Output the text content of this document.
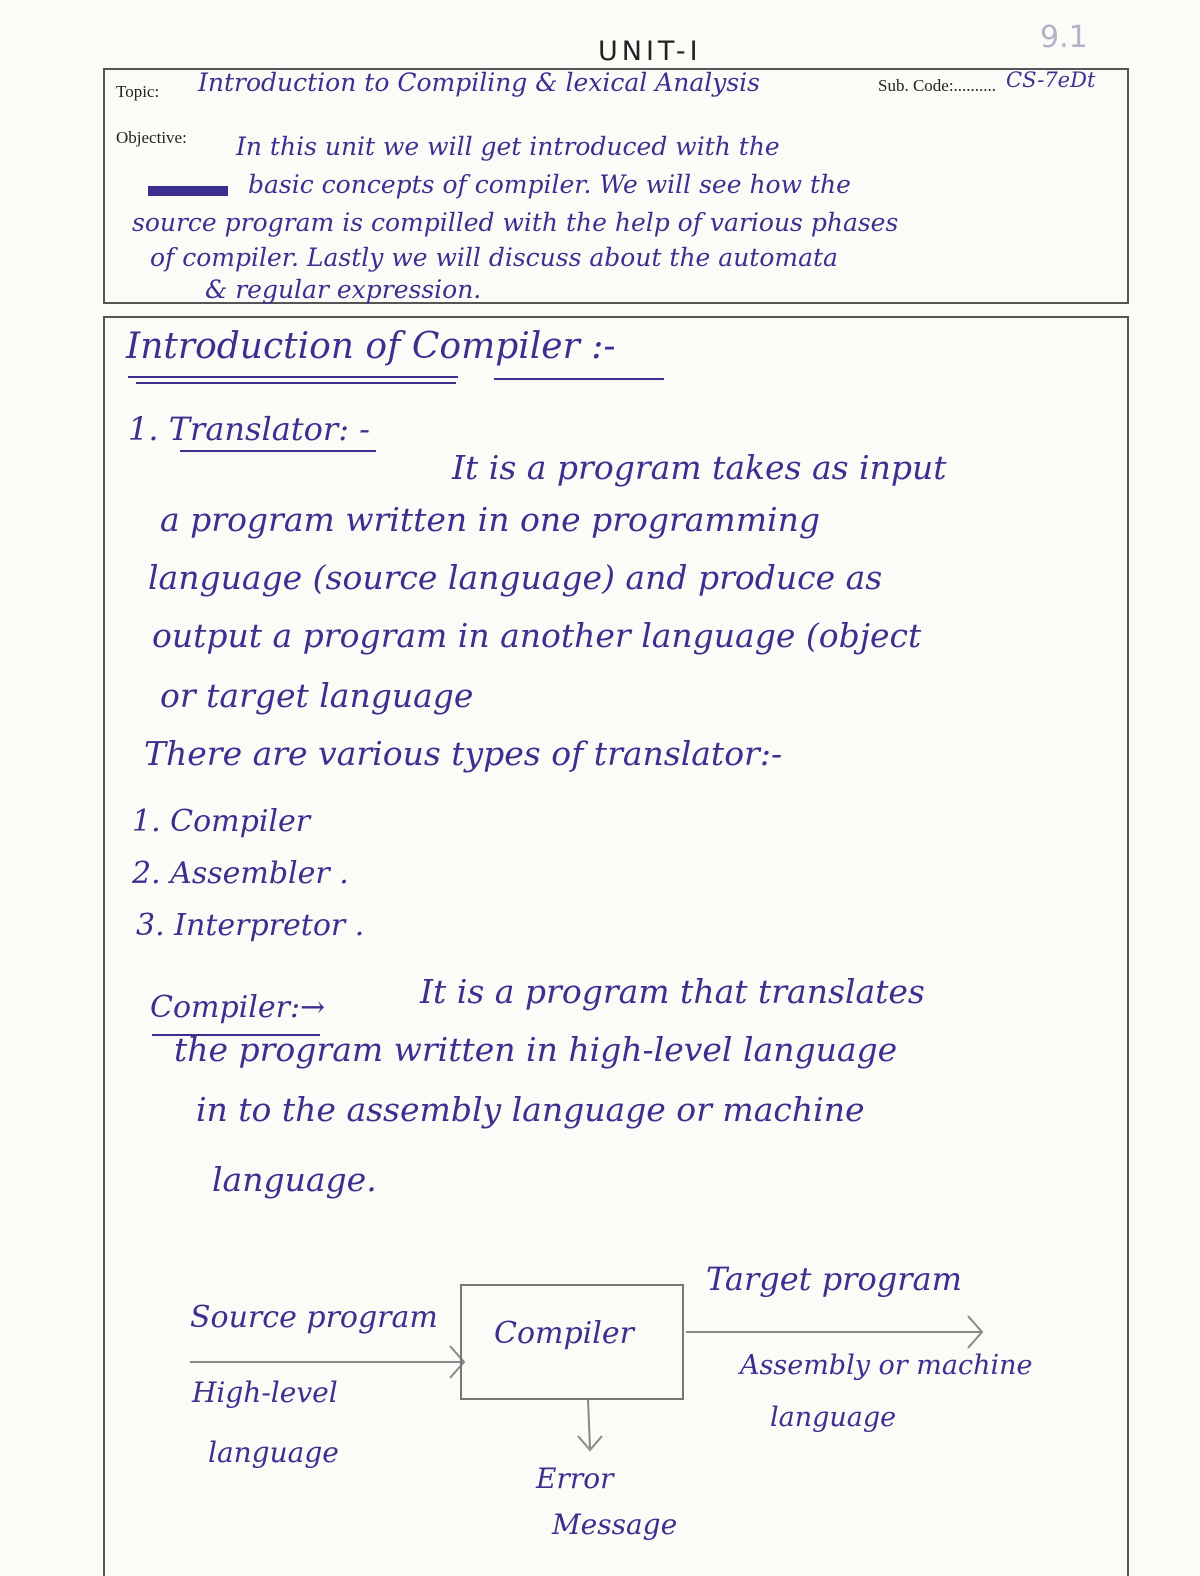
9.1
UNIT-I
Topic: Introduction to Compiling & lexical Analysis	Sub. Code:.......... CS-7eDt
Objective: In this unit we will get introduced with the
basic concepts of compiler. We will see how the
source program is compilled with the help of various phases
of compiler. Lastly we will discuss about the automata
& regular expression.
Introduction of Compiler :-
1. Translator: -
It is a program takes as input
a program written in one programming
language (source language) and produce as
output a program in another language (object
or target language
There are various types of translator:-
1. Compiler
2. Assembler .
3. Interpretor .
Compiler:→	It is a program that translates
the program written in high-level language
in to the assembly language or machine
language.
Compiler
Source program
High-level
language
Target program
Assembly or machine
language
Error
Message
